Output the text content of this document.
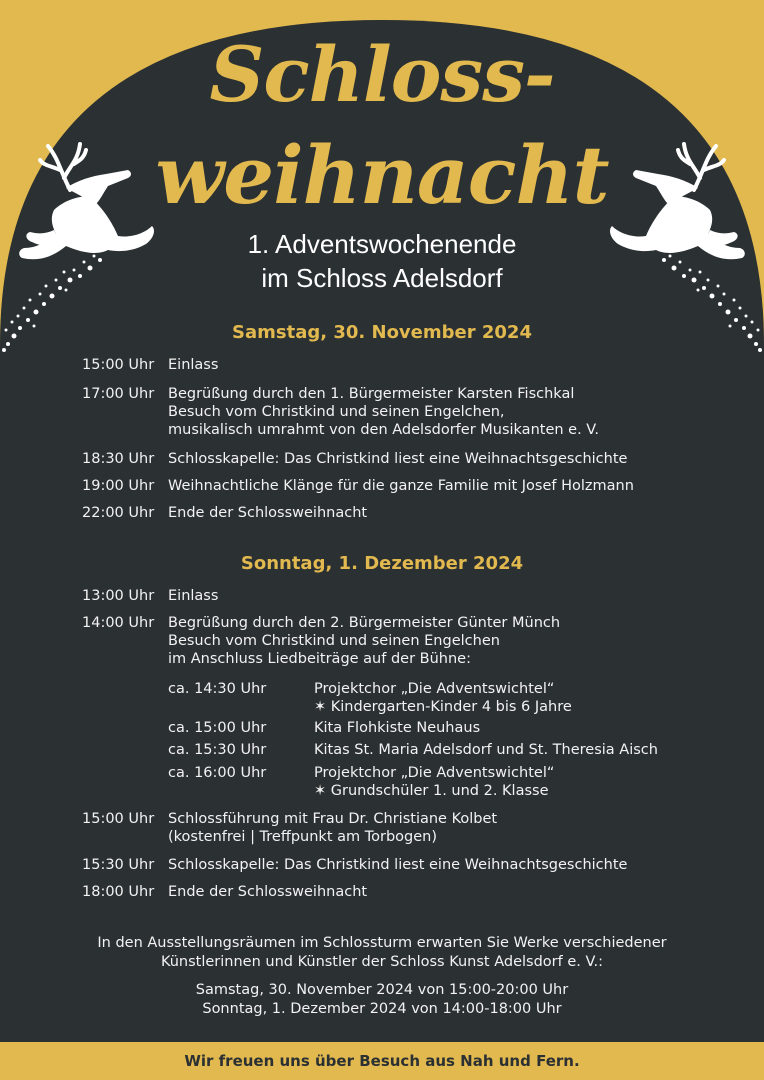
Schloss-
weihnacht
1. Adventswochenende
im Schloss Adelsdorf
Samstag, 30. November 2024
15:00 Uhr Einlass
17:00 Uhr Begrüßung durch den 1. Bürgermeister Karsten Fischkal
Besuch vom Christkind und seinen Engelchen,
musikalisch umrahmt von den Adelsdorfer Musikanten e. V.
18:30 Uhr Schlosskapelle: Das Christkind liest eine Weihnachtsgeschichte
19:00 Uhr Weihnachtliche Klänge für die ganze Familie mit Josef Holzmann
22:00 Uhr Ende der Schlossweihnacht
Sonntag, 1. Dezember 2024
13:00 Uhr Einlass
14:00 Uhr Begrüßung durch den 2. Bürgermeister Günter Münch
Besuch vom Christkind und seinen Engelchen
im Anschluss Liedbeiträge auf der Bühne:
ca. 14:30 Uhr	Projektchor „Die Adventswichtel“
✶ Kindergarten-Kinder 4 bis 6 Jahre
ca. 15:00 Uhr	Kita Flohkiste Neuhaus
ca. 15:30 Uhr	Kitas St. Maria Adelsdorf und St. Theresia Aisch
ca. 16:00 Uhr	Projektchor „Die Adventswichtel“
✶ Grundschüler 1. und 2. Klasse
15:00 Uhr Schlossführung mit Frau Dr. Christiane Kolbet
(kostenfrei | Treffpunkt am Torbogen)
15:30 Uhr Schlosskapelle: Das Christkind liest eine Weihnachtsgeschichte
18:00 Uhr Ende der Schlossweihnacht
In den Ausstellungsräumen im Schlossturm erwarten Sie Werke verschiedener
Künstlerinnen und Künstler der Schloss Kunst Adelsdorf e. V.:
Samstag, 30. November 2024 von 15:00-20:00 Uhr
Sonntag, 1. Dezember 2024 von 14:00-18:00 Uhr
Wir freuen uns über Besuch aus Nah und Fern.
